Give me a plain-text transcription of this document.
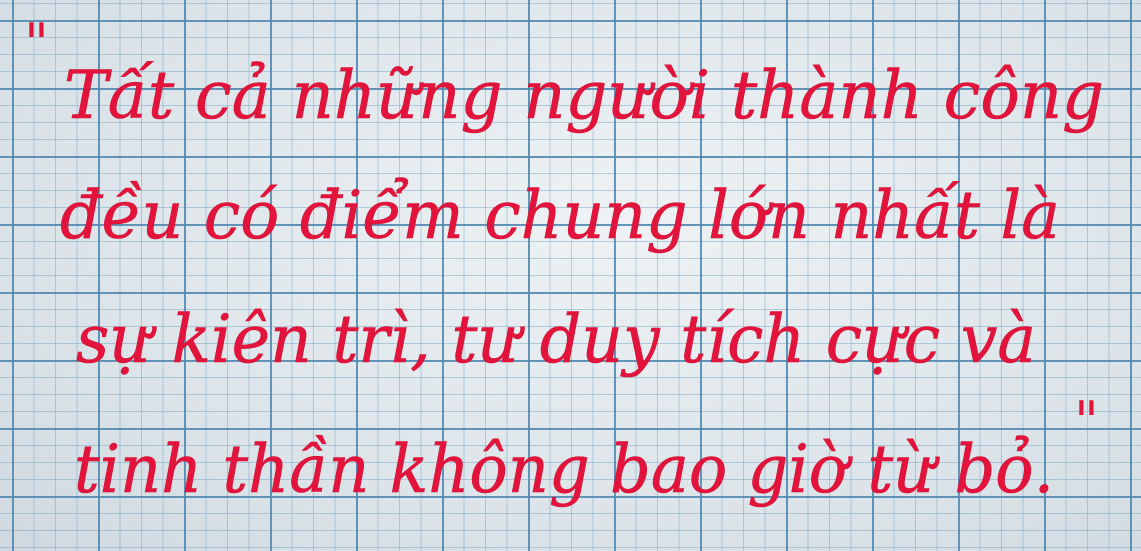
"
Tất cả những người thành công
đều có điểm chung lớn nhất là
sự kiên trì, tư duy tích cực và
tinh thần không bao giờ từ bỏ.
"
